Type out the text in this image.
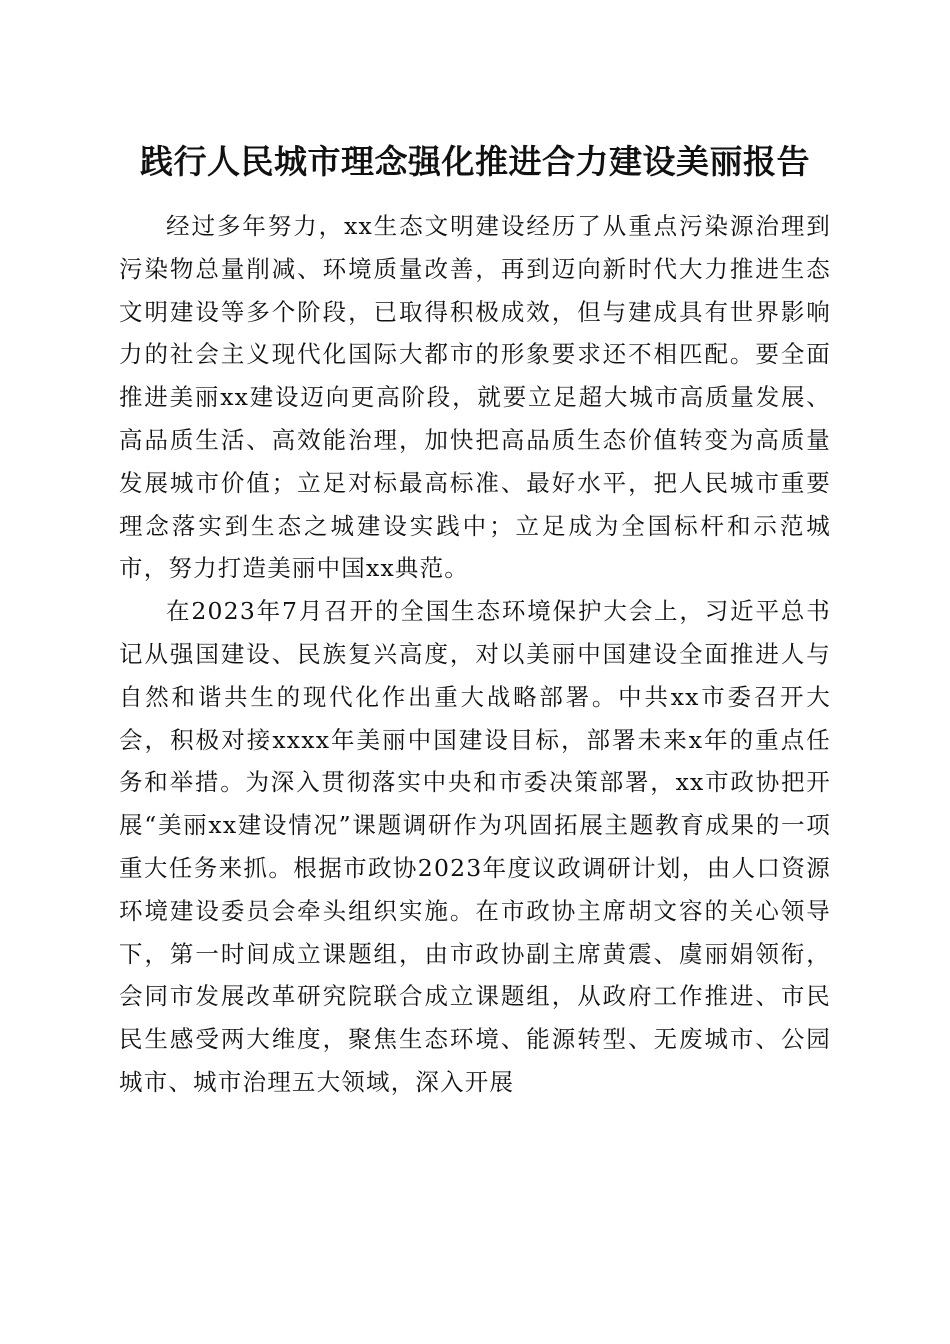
践行人民城市理念强化推进合力建设美丽报告

经过多年努力，xx生态文明建设经历了从重点污染源治理到污染物总量削减、环境质量改善，再到迈向新时代大力推进生态文明建设等多个阶段，已取得积极成效，但与建成具有世界影响力的社会主义现代化国际大都市的形象要求还不相匹配。要全面推进美丽xx建设迈向更高阶段，就要立足超大城市高质量发展、高品质生活、高效能治理，加快把高品质生态价值转变为高质量发展城市价值；立足对标最高标准、最好水平，把人民城市重要理念落实到生态之城建设实践中；立足成为全国标杆和示范城市，努力打造美丽中国xx典范。

在2023年7月召开的全国生态环境保护大会上，习近平总书记从强国建设、民族复兴高度，对以美丽中国建设全面推进人与自然和谐共生的现代化作出重大战略部署。中共xx市委召开大会，积极对接xxxx年美丽中国建设目标，部署未来x年的重点任务和举措。为深入贯彻落实中央和市委决策部署，xx市政协把开展“美丽xx建设情况”课题调研作为巩固拓展主题教育成果的一项重大任务来抓。根据市政协2023年度议政调研计划，由人口资源环境建设委员会牵头组织实施。在市政协主席胡文容的关心领导下，第一时间成立课题组，由市政协副主席黄震、虞丽娟领衔，会同市发展改革研究院联合成立课题组，从政府工作推进、市民民生感受两大维度，聚焦生态环境、能源转型、无废城市、公园城市、城市治理五大领域，深入开展
